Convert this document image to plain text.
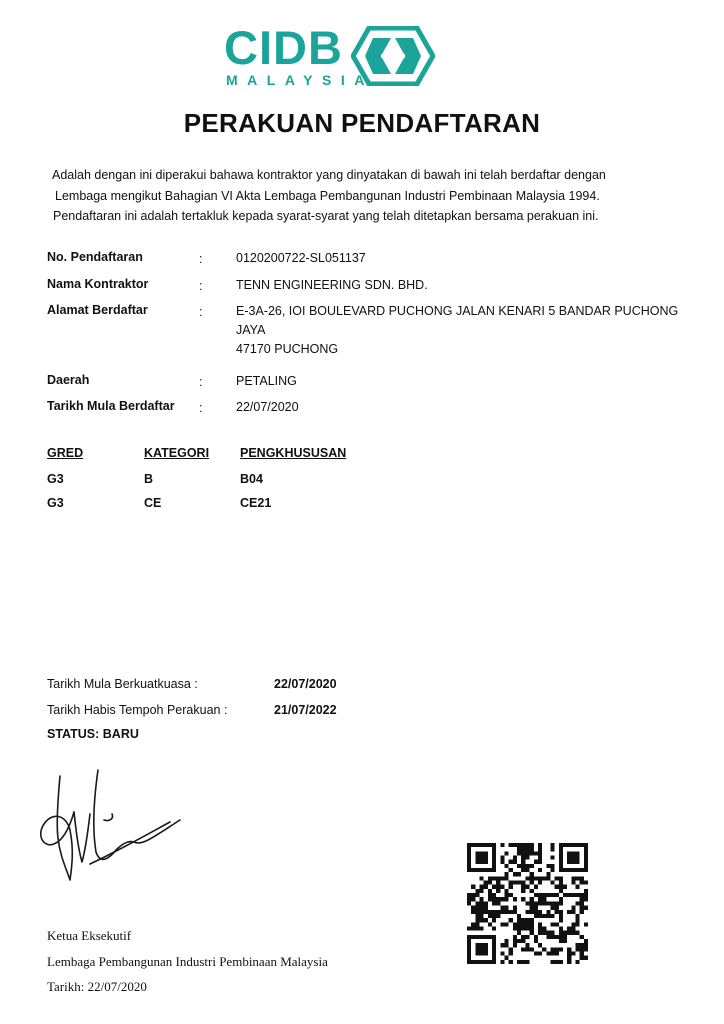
CIDB
MALAYSIA
PERAKUAN PENDAFTARAN
Adalah dengan ini diperakui bahawa kontraktor yang dinyatakan di bawah ini telah berdaftar dengan
Lembaga mengikut Bahagian VI Akta Lembaga Pembangunan Industri Pembinaan Malaysia 1994.
Pendaftaran ini adalah tertakluk kepada syarat-syarat yang telah ditetapkan bersama perakuan ini.
No. Pendaftaran	:	0120200722-SL051137
Nama Kontraktor	:	TENN ENGINEERING SDN. BHD.
Alamat Berdaftar	:	E-3A-26, IOI BOULEVARD PUCHONG JALAN KENARI 5 BANDAR PUCHONG
JAYA
47170 PUCHONG
Daerah	:	PETALING
Tarikh Mula Berdaftar :	22/07/2020
GRED	KATEGORI PENGKHUSUSAN
G3	B	B04
G3	CE	CE21
Tarikh Mula Berkuatkuasa :	22/07/2020
Tarikh Habis Tempoh Perakuan :	21/07/2022
STATUS: BARU
Ketua Eksekutif
Lembaga Pembangunan Industri Pembinaan Malaysia
Tarikh: 22/07/2020
